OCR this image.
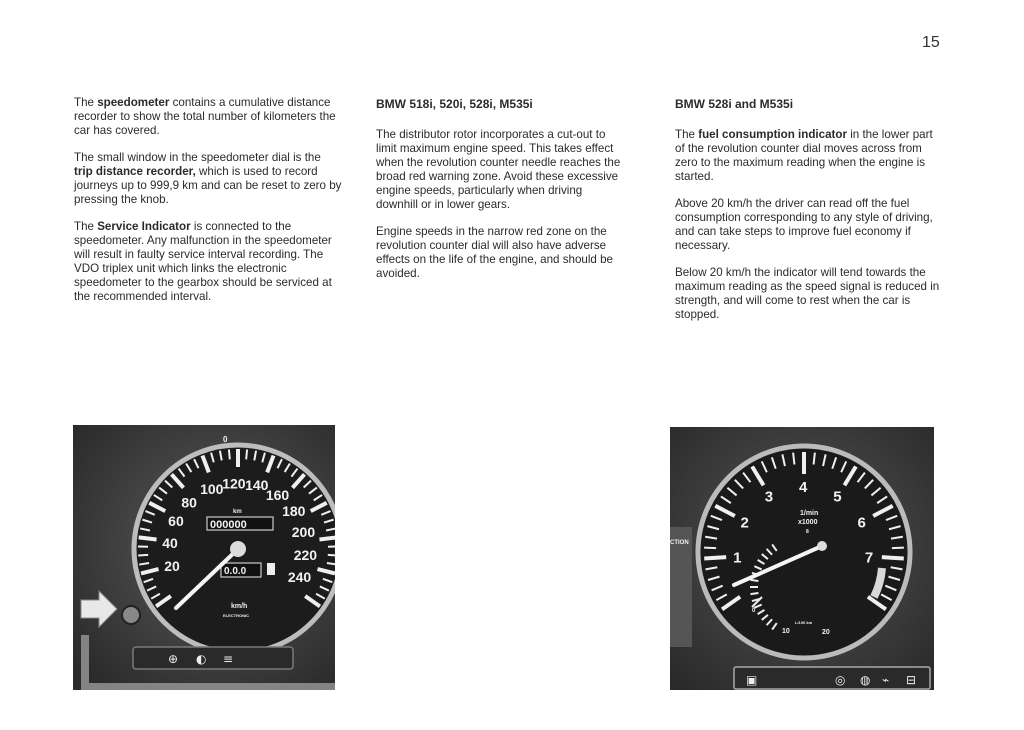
15

The speedometer contains a cumulative distance recorder to show the total number of kilometers the car has covered.

The small window in the speedometer dial is the trip distance recorder, which is used to record journeys up to 999,9 km and can be reset to zero by pressing the knob.

The Service Indicator is connected to the speedometer. Any malfunction in the speedometer will result in faulty service interval recording. The VDO triplex unit which links the electronic speedometer to the gearbox should be serviced at the recommended interval.

BMW 518i, 520i, 528i, M535i

The distributor rotor incorporates a cut-out to limit maximum engine speed. This takes effect when the revolution counter needle reaches the broad red warning zone. Avoid these excessive engine speeds, particularly when driving downhill or in lower gears.

Engine speeds in the narrow red zone on the revolution counter dial will also have adverse effects on the life of the engine, and should be avoided.

BMW 528i and M535i

The fuel consumption indicator in the lower part of the revolution counter dial moves across from zero to the maximum reading when the engine is started.

Above 20 km/h the driver can read off the fuel consumption corresponding to any style of driving, and can take steps to improve fuel economy if necessary.

Below 20 km/h the indicator will tend towards the maximum reading as the speed signal is reduced in strength, and will come to rest when the car is stopped.

20
40
60
80
100
120 140
160
180
200
220
240
0
km
000000
0.0.0
km/h
ELECTRONIC
⊕ ◐ ≡
CTION
1
2
3
4
5
6
7
1/min
x1000
8
L/100 km
0
10	20
▣	◎ ◍ ⌁ ⊟
